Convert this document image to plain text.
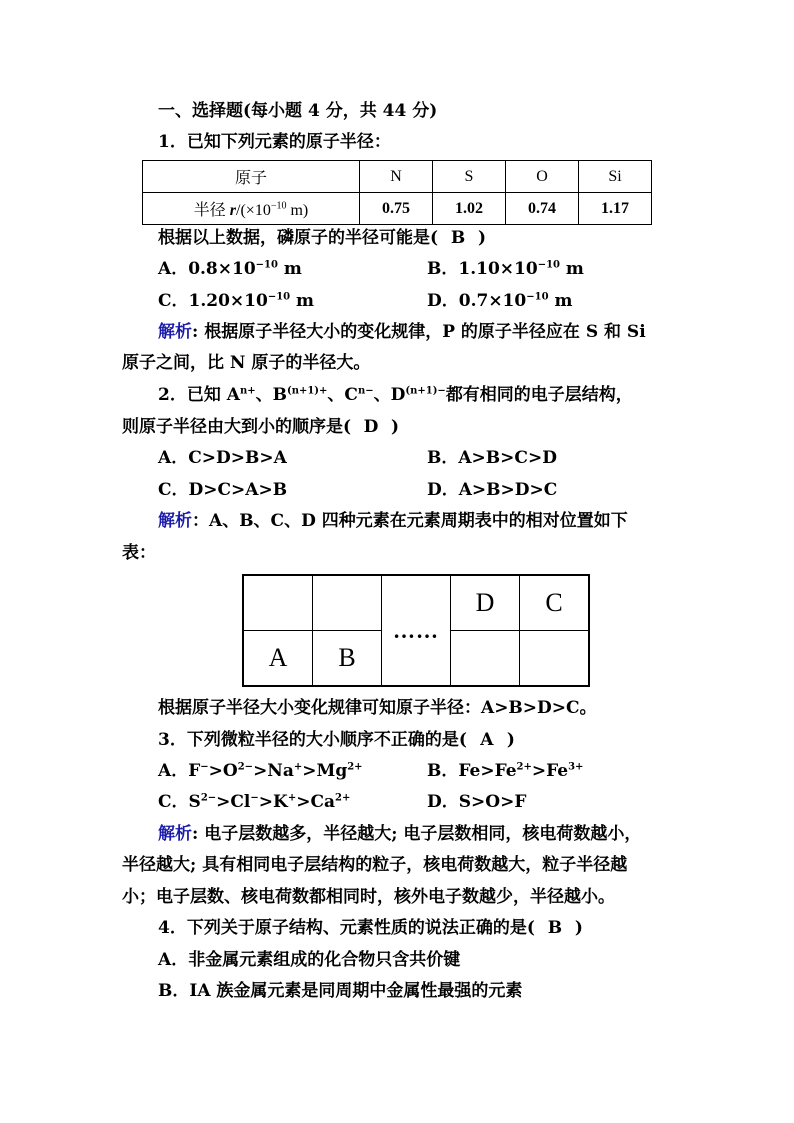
一、选择题(每小题 4 分，共 44 分)
1．已知下列元素的原子半径：
原子	N	S	O	Si
半径 $r/(\times 10^{-10}$ m)	0.75	1.02	0.74	1.17
根据以上数据，磷原子的半径可能是( B )
A．$0.8\times 10^{-10}$ m	B．$1.10\times 10^{-10}$ m
C．$1.20\times 10^{-10}$ m	D．$0.7\times 10^{-10}$ m
解析: 根据原子半径大小的变化规律，P 的原子半径应在 S 和 Si
原子之间，比 N 原子的半径大。
2．已知 $A^{n+}$、$B^{(n+1)+}$、$C^{n-}$、$D^{(n+1)-}$都有相同的电子层结构，
则原子半径由大到小的顺序是( D )
A．C>D>B>A	B．A>B>C>D
C．D>C>A>B	D．A>B>D>C
解析：A、B、C、D 四种元素在元素周期表中的相对位置如下
表：
		……	D	C
A	B			
根据原子半径大小变化规律可知原子半径：A>B>D>C。
3．下列微粒半径的大小顺序不正确的是( A )
A．$F^->O^{2-}>Na^+>Mg^{2+}$	B．$Fe>Fe^{2+}>Fe^{3+}$
C．$S^{2-}>Cl^->K^+>Ca^{2+}$	D．S>O>F
解析: 电子层数越多，半径越大; 电子层数相同，核电荷数越小，
半径越大; 具有相同电子层结构的粒子，核电荷数越大，粒子半径越
小；电子层数、核电荷数都相同时，核外电子数越少，半径越小。
4．下列关于原子结构、元素性质的说法正确的是( B )
A．非金属元素组成的化合物只含共价键
B．ⅠA 族金属元素是同周期中金属性最强的元素
